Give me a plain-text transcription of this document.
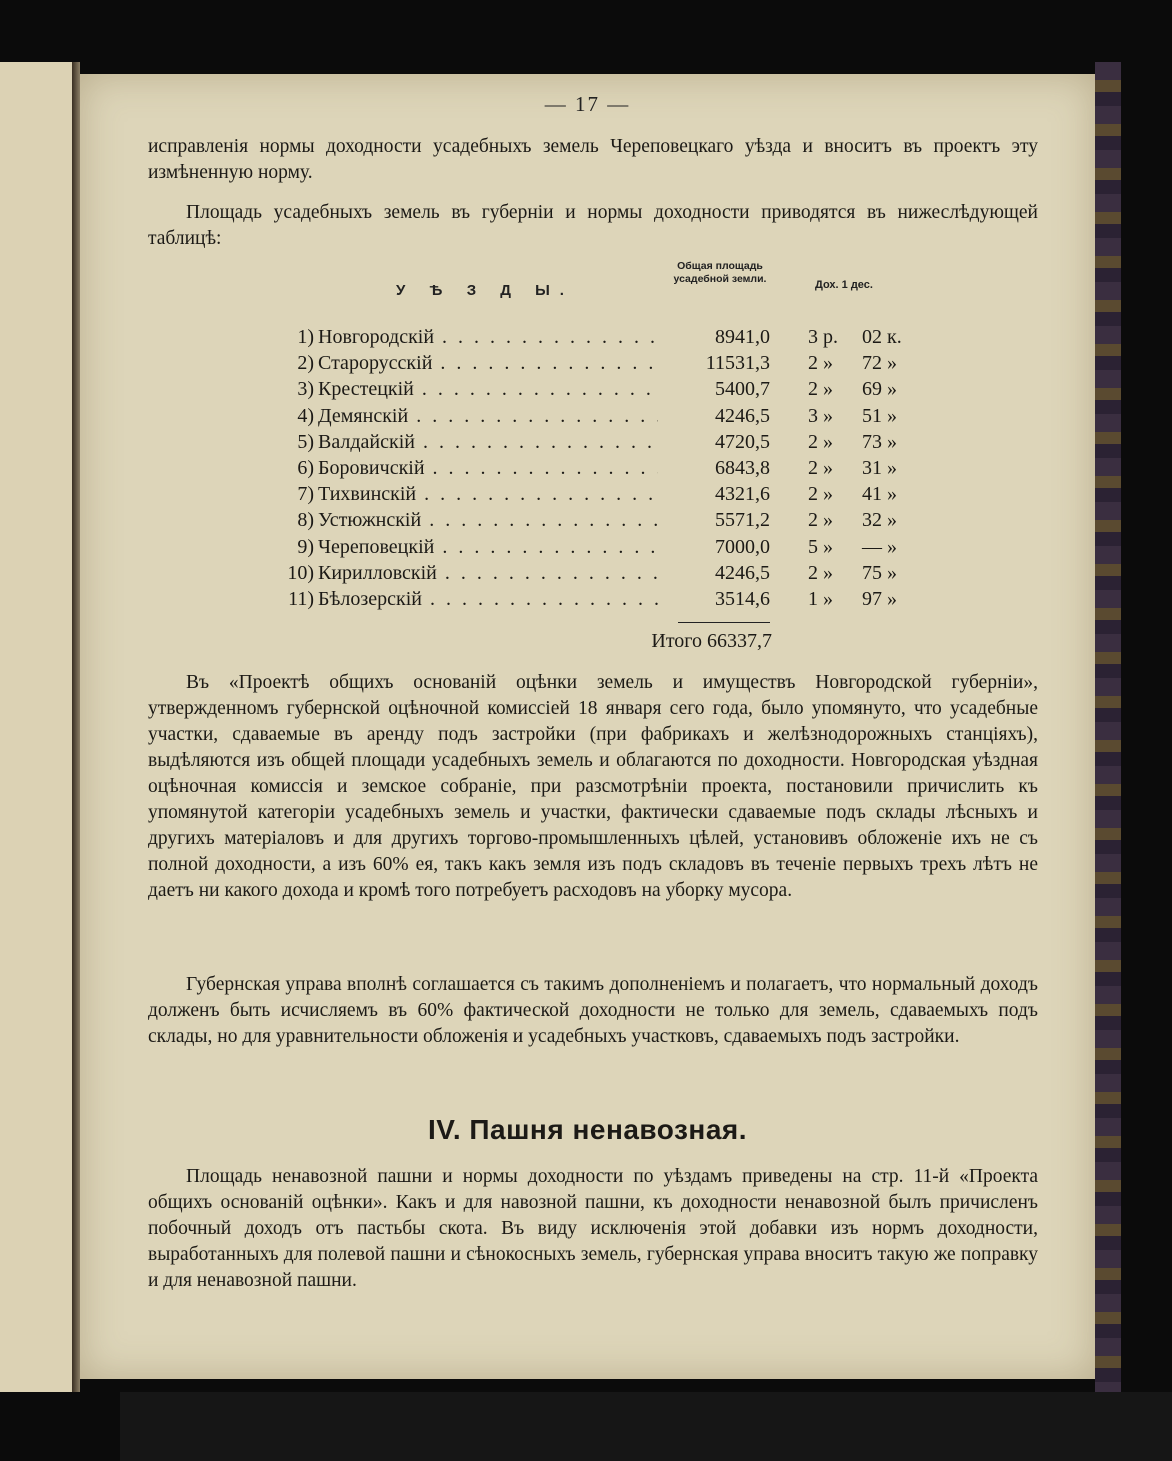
— 17 —
исправленія нормы доходности усадебныхъ земель Череповецкаго уѣзда и вноситъ въ проектъ эту измѣненную норму.
Площадь усадебныхъ земель въ губерніи и нормы доходности приводятся въ нижеслѣдующей таблицѣ:
У Ѣ З Д Ы.
Общая площадь усадебной земли.	Дох. 1 дес.
1) Новгородскій . . .	8941,0 3 р.	02 к.
2) Старорусскій . . .	11531,3 2 »	72 »
3) Крестецкій . . .	5400,7 2 »	69 »
4) Демянскій . . .	4246,5 3 »	51 »
5) Валдайскій . . .	4720,5 2 »	73 »
6) Боровичскій . . .	6843,8 2 »	31 »
7) Тихвинскій . . .	4321,6 2 »	41 »
8) Устюжнскій . . .	5571,2 2 »	32 »
9) Череповецкій . . .	7000,0 5 »	— »
10) Кирилловскій . . .	4246,5 2 »	75 »
11) Бѣлозерскій . . .	3514,6 1 »	97 »
Итого 66337,7
Въ «Проектѣ общихъ основаній оцѣнки земель и имуществъ Новгородской губерніи», утвержденномъ губернской оцѣночной комиссіей 18 января сего года, было упомянуто, что усадебные участки, сдаваемые въ аренду подъ застройки (при фабрикахъ и желѣзнодорожныхъ станціяхъ), выдѣляются изъ общей площади усадебныхъ земель и облагаются по доходности. Новгородская уѣздная оцѣночная комиссія и земское собраніе, при разсмотрѣніи проекта, постановили причислить къ упомянутой категоріи усадебныхъ земель и участки, фактически сдаваемые подъ склады лѣсныхъ и другихъ матеріаловъ и для другихъ торгово-промышленныхъ цѣлей, установивъ обложеніе ихъ не съ полной доходности, а изъ 60% ея, такъ какъ земля изъ подъ складовъ въ теченіе первыхъ трехъ лѣтъ не даетъ ни какого дохода и кромѣ того потребуетъ расходовъ на уборку мусора.
Губернская управа вполнѣ соглашается съ такимъ дополненіемъ и полагаетъ, что нормальный доходъ долженъ быть исчисляемъ въ 60% фактической доходности не только для земель, сдаваемыхъ подъ склады, но для уравнительности обложенія и усадебныхъ участковъ, сдаваемыхъ подъ застройки.
IV. Пашня ненавозная.
Площадь ненавозной пашни и нормы доходности по уѣздамъ приведены на стр. 11-й «Проекта общихъ основаній оцѣнки». Какъ и для навозной пашни, къ доходности ненавозной былъ причисленъ побочный доходъ отъ пастьбы скота. Въ виду исключенія этой добавки изъ нормъ доходности, выработанныхъ для полевой пашни и сѣнокосныхъ земель, губернская управа вноситъ такую же поправку и для ненавозной пашни.
